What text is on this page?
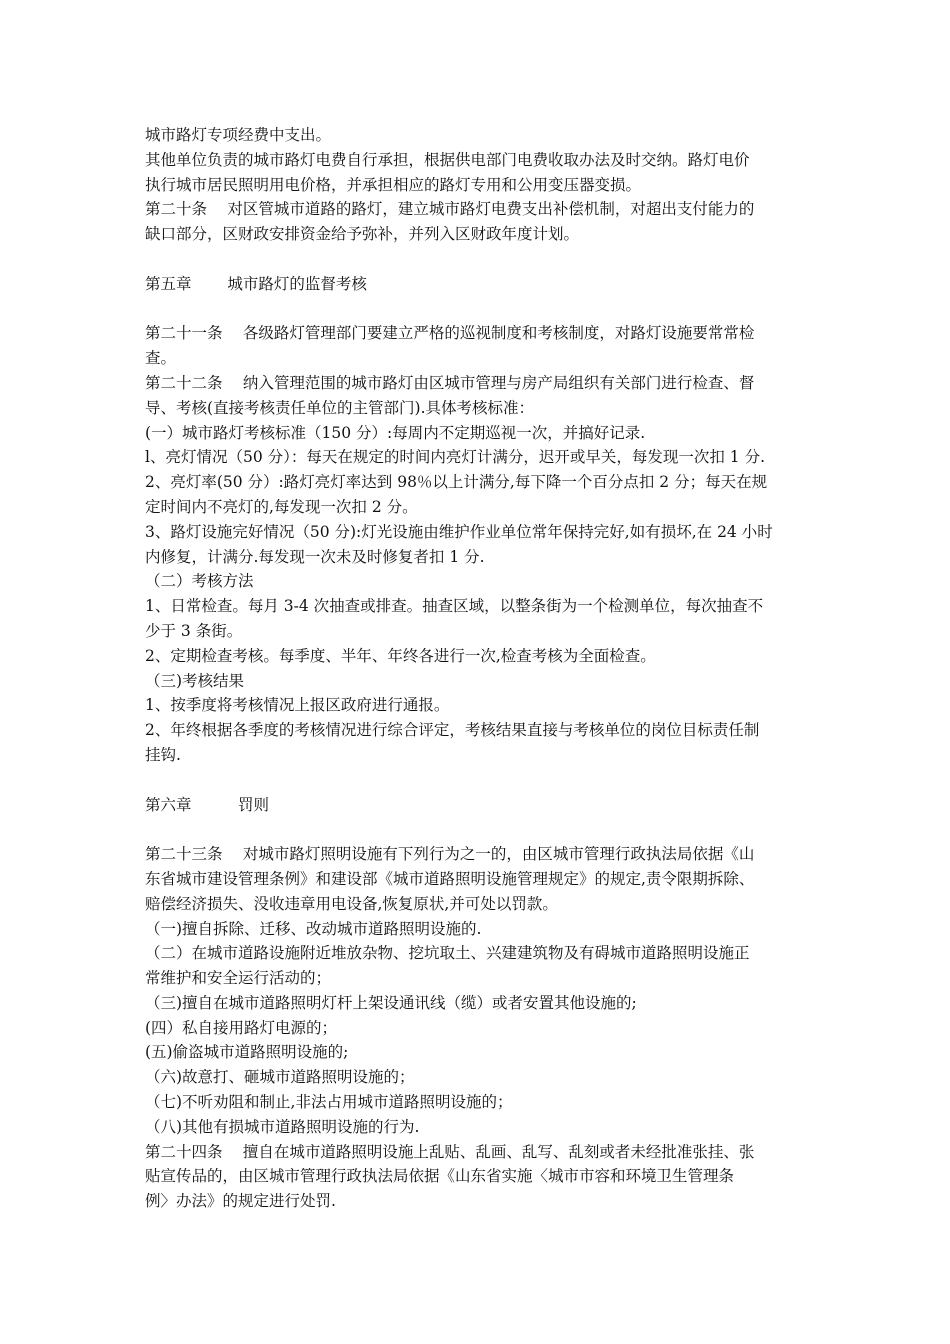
城市路灯专项经费中支出。
其他单位负责的城市路灯电费自行承担，根据供电部门电费收取办法及时交纳。路灯电价
执行城市居民照明用电价格，并承担相应的路灯专用和公用变压器变损。
第二十条　 对区管城市道路的路灯，建立城市路灯电费支出补偿机制，对超出支付能力的
缺口部分，区财政安排资金给予弥补，并列入区财政年度计划。
第五章　　 城市路灯的监督考核
第二十一条　 各级路灯管理部门要建立严格的巡视制度和考核制度，对路灯设施要常常检
查。
第二十二条　 纳入管理范围的城市路灯由区城市管理与房产局组织有关部门进行检查、督
导、考核(直接考核责任单位的主管部门).具体考核标准：
(一）城市路灯考核标准（150 分）:每周内不定期巡视一次，并搞好记录.
l、亮灯情况（50 分）：每天在规定的时间内亮灯计满分，迟开或早关，每发现一次扣 1 分.
2、亮灯率(50 分）:路灯亮灯率达到 98％以上计满分,每下降一个百分点扣 2 分；每天在规
定时间内不亮灯的,每发现一次扣 2 分。
3、路灯设施完好情况（50 分):灯光设施由维护作业单位常年保持完好,如有损坏,在 24 小时
内修复，计满分.每发现一次未及时修复者扣 1 分.
（二）考核方法
1、日常检查。每月 3-4 次抽查或排查。抽查区域，以整条街为一个检测单位，每次抽查不
少于 3 条街。
2、定期检查考核。每季度、半年、年终各进行一次,检查考核为全面检查。
（三)考核结果
1、按季度将考核情况上报区政府进行通报。
2、年终根据各季度的考核情况进行综合评定，考核结果直接与考核单位的岗位目标责任制
挂钩.
第六章　　　罚则
第二十三条　 对城市路灯照明设施有下列行为之一的，由区城市管理行政执法局依据《山
东省城市建设管理条例》和建设部《城市道路照明设施管理规定》的规定,责令限期拆除、
赔偿经济损失、没收违章用电设备,恢复原状,并可处以罚款。
（一)擅自拆除、迁移、改动城市道路照明设施的.
（二）在城市道路设施附近堆放杂物、挖坑取土、兴建建筑物及有碍城市道路照明设施正
常维护和安全运行活动的；
（三)擅自在城市道路照明灯杆上架设通讯线（缆）或者安置其他设施的;
(四）私自接用路灯电源的；
(五)偷盗城市道路照明设施的;
（六)故意打、砸城市道路照明设施的；
（七)不听劝阻和制止,非法占用城市道路照明设施的；
（八)其他有损城市道路照明设施的行为.
第二十四条　 擅自在城市道路照明设施上乱贴、乱画、乱写、乱刻或者未经批准张挂、张
贴宣传品的，由区城市管理行政执法局依据《山东省实施〈城市市容和环境卫生管理条
例〉办法》的规定进行处罚.
